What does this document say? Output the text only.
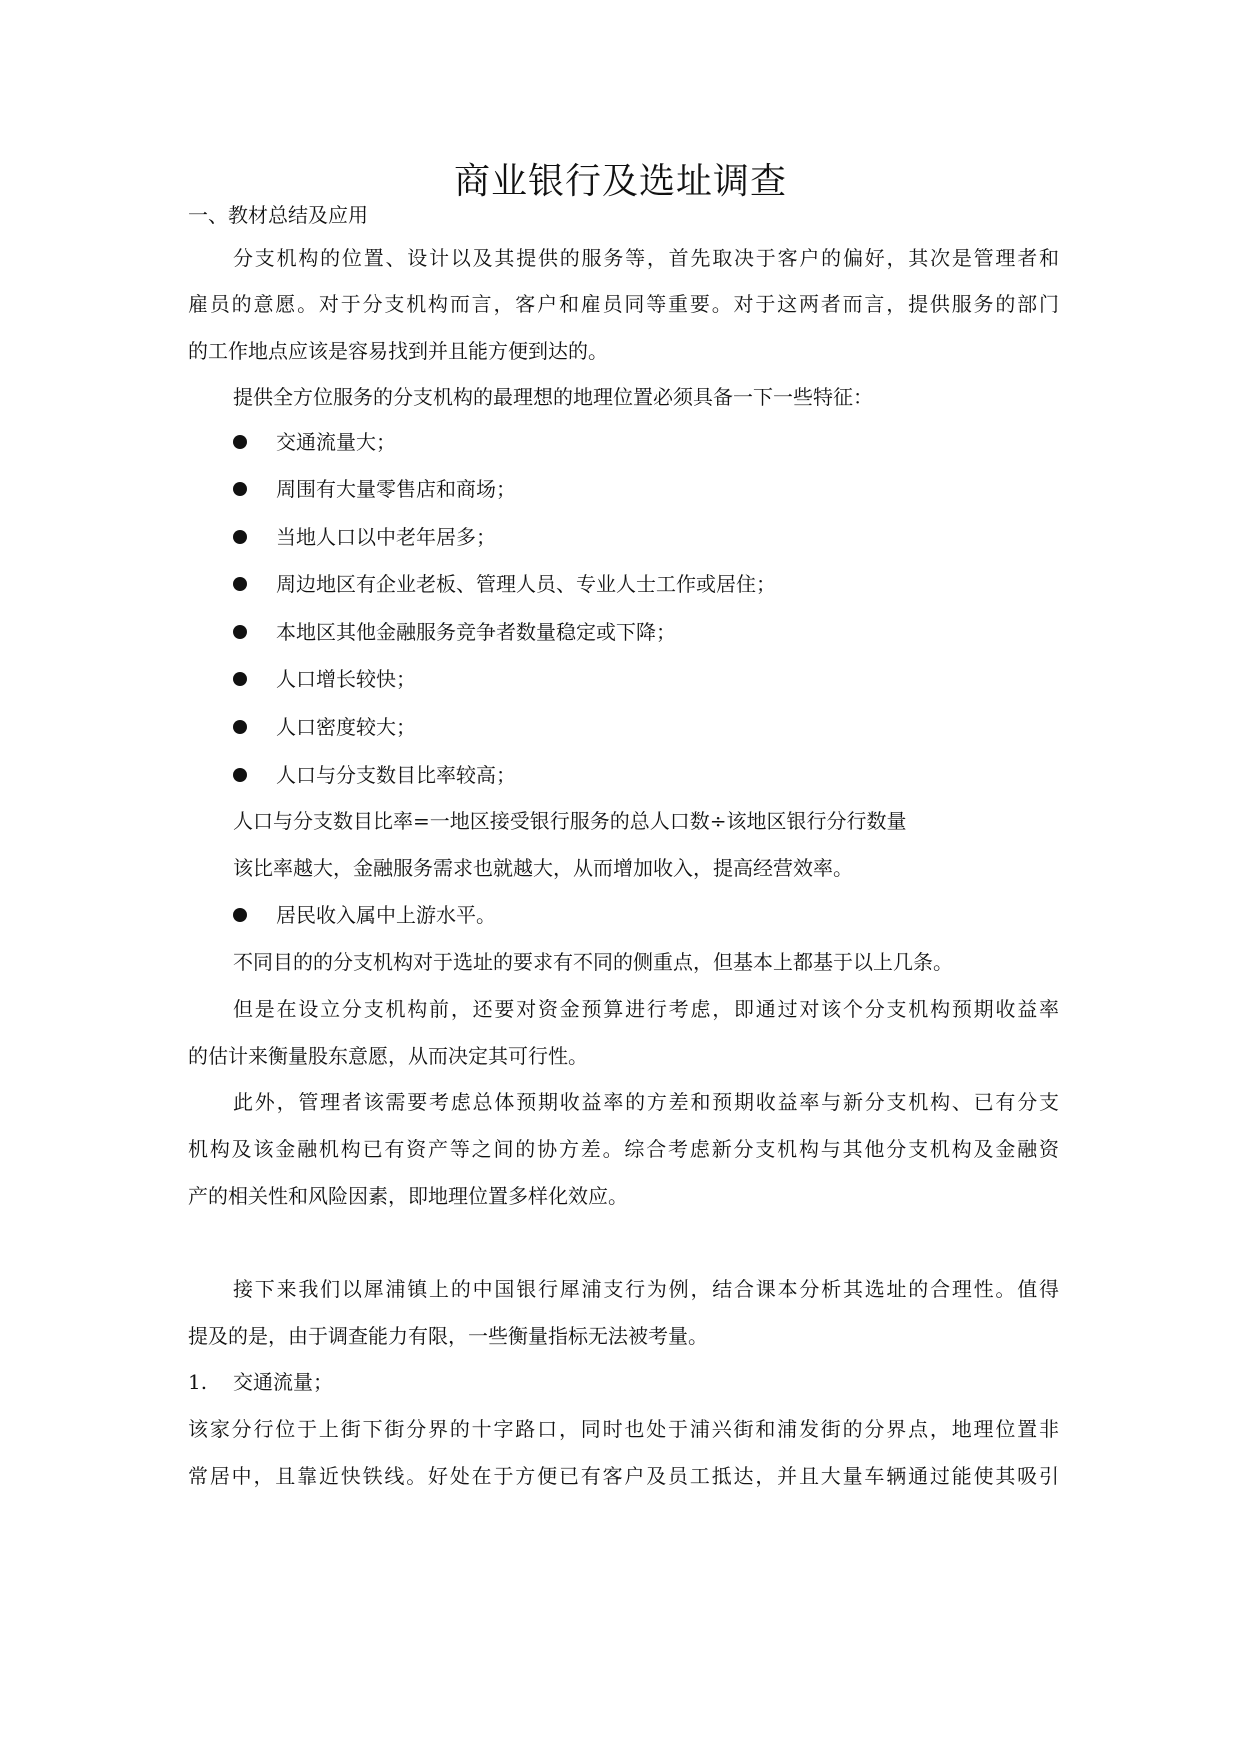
商业银行及选址调查
一、教材总结及应用
分支机构的位置、设计以及其提供的服务等，首先取决于客户的偏好，其次是管理者和
雇员的意愿。对于分支机构而言，客户和雇员同等重要。对于这两者而言，提供服务的部门
的工作地点应该是容易找到并且能方便到达的。
提供全方位服务的分支机构的最理想的地理位置必须具备一下一些特征：
交通流量大；
周围有大量零售店和商场；
当地人口以中老年居多；
周边地区有企业老板、管理人员、专业人士工作或居住；
本地区其他金融服务竞争者数量稳定或下降；
人口增长较快；
人口密度较大；
人口与分支数目比率较高；
人口与分支数目比率=一地区接受银行服务的总人口数÷该地区银行分行数量
该比率越大，金融服务需求也就越大，从而增加收入，提高经营效率。
居民收入属中上游水平。
不同目的的分支机构对于选址的要求有不同的侧重点，但基本上都基于以上几条。
但是在设立分支机构前，还要对资金预算进行考虑，即通过对该个分支机构预期收益率
的估计来衡量股东意愿，从而决定其可行性。
此外，管理者该需要考虑总体预期收益率的方差和预期收益率与新分支机构、已有分支
机构及该金融机构已有资产等之间的协方差。综合考虑新分支机构与其他分支机构及金融资
产的相关性和风险因素，即地理位置多样化效应。
接下来我们以犀浦镇上的中国银行犀浦支行为例，结合课本分析其选址的合理性。值得
提及的是，由于调查能力有限，一些衡量指标无法被考量。
1. 交通流量；
该家分行位于上街下街分界的十字路口，同时也处于浦兴街和浦发街的分界点，地理位置非
常居中，且靠近快铁线。好处在于方便已有客户及员工抵达，并且大量车辆通过能使其吸引
